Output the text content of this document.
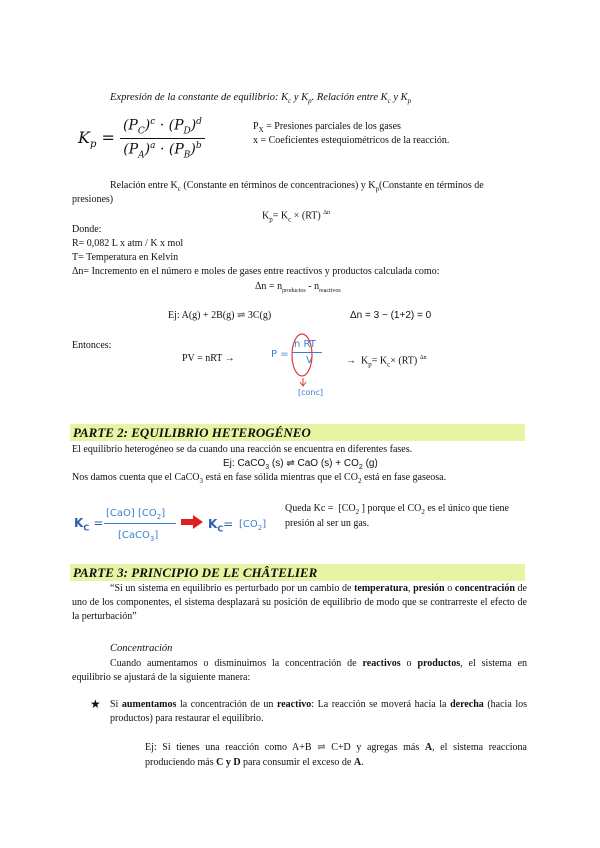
Expresión de la constante de equilibrio: $K_c$ y $K_p$. Relación entre $K_c$ y $K_p$
$K_p = \frac{(P_C)^c \cdot (P_D)^d}{(P_A)^a \cdot (P_B)^b}$	$P_X$ = Presiones parciales de los gases
x = Coeficientes estequiométricos de la reacción.
Relación entre $K_c$ (Constante en términos de concentraciones) y $K_p(Constante$ en términos de
presiones)
$K_p= K_c \times (RT)$ $^{\Delta n}$
Donde:
R= 0,082 L x atm / K x mol
T= Temperatura en Kelvin
Δn= Incremento en el número e moles de gases entre reactivos y productos calculada como:
$\Delta n = n_{productos} - n_{reactivos}$
Ej: A(g) + 2B(g) ⇌ 3C(g)	Δn = 3 − (1+2) = 0
Entonces:
PV = nRT →	P =
n RT
V
[conc]
→  $K_p= K_c\times (RT)$ $^{\Delta n}$
PARTE 2: EQUILIBRIO HETEROGÉNEO
El equilibrio heterogéneo se da cuando una reacción se encuentra en diferentes fases.
Ej: CaCO$_3$ (s) ⇌ CaO $(s) + CO_2$ (g)
Nos damos cuenta que el CaCO$_3$ está en fase sólida mientras que el $CO_2$ está en fase gaseosa.
$K_C$ =
[CaO] $[CO_2]$
[CaCO$_3$]
$K_C= [CO_2]$
Queda $Kc = [CO_2$ ] porque el $CO_2$ es el único que tiene
presión al ser un gas.
PARTE 3: PRINCIPIO DE LE CHÂTELIER
“Si un sistema en equilibrio es perturbado por un cambio de temperatura, presión o concentración de uno de los componentes, el sistema desplazará su posición de equilibrio de modo que se contrarreste el efecto de la perturbación”
Concentración
Cuando aumentamos o disminuimos la concentración de reactivos o productos, el sistema en equilibrio se ajustará de la siguiente manera:
★ Si aumentamos la concentración de un reactivo: La reacción se moverá hacia la derecha (hacia los productos) para restaurar el equilibrio.
Ej: Si tienes una reacción como A+B ⇌ C+D y agregas más A, el sistema reacciona produciendo más C y D para consumir el exceso de A.
